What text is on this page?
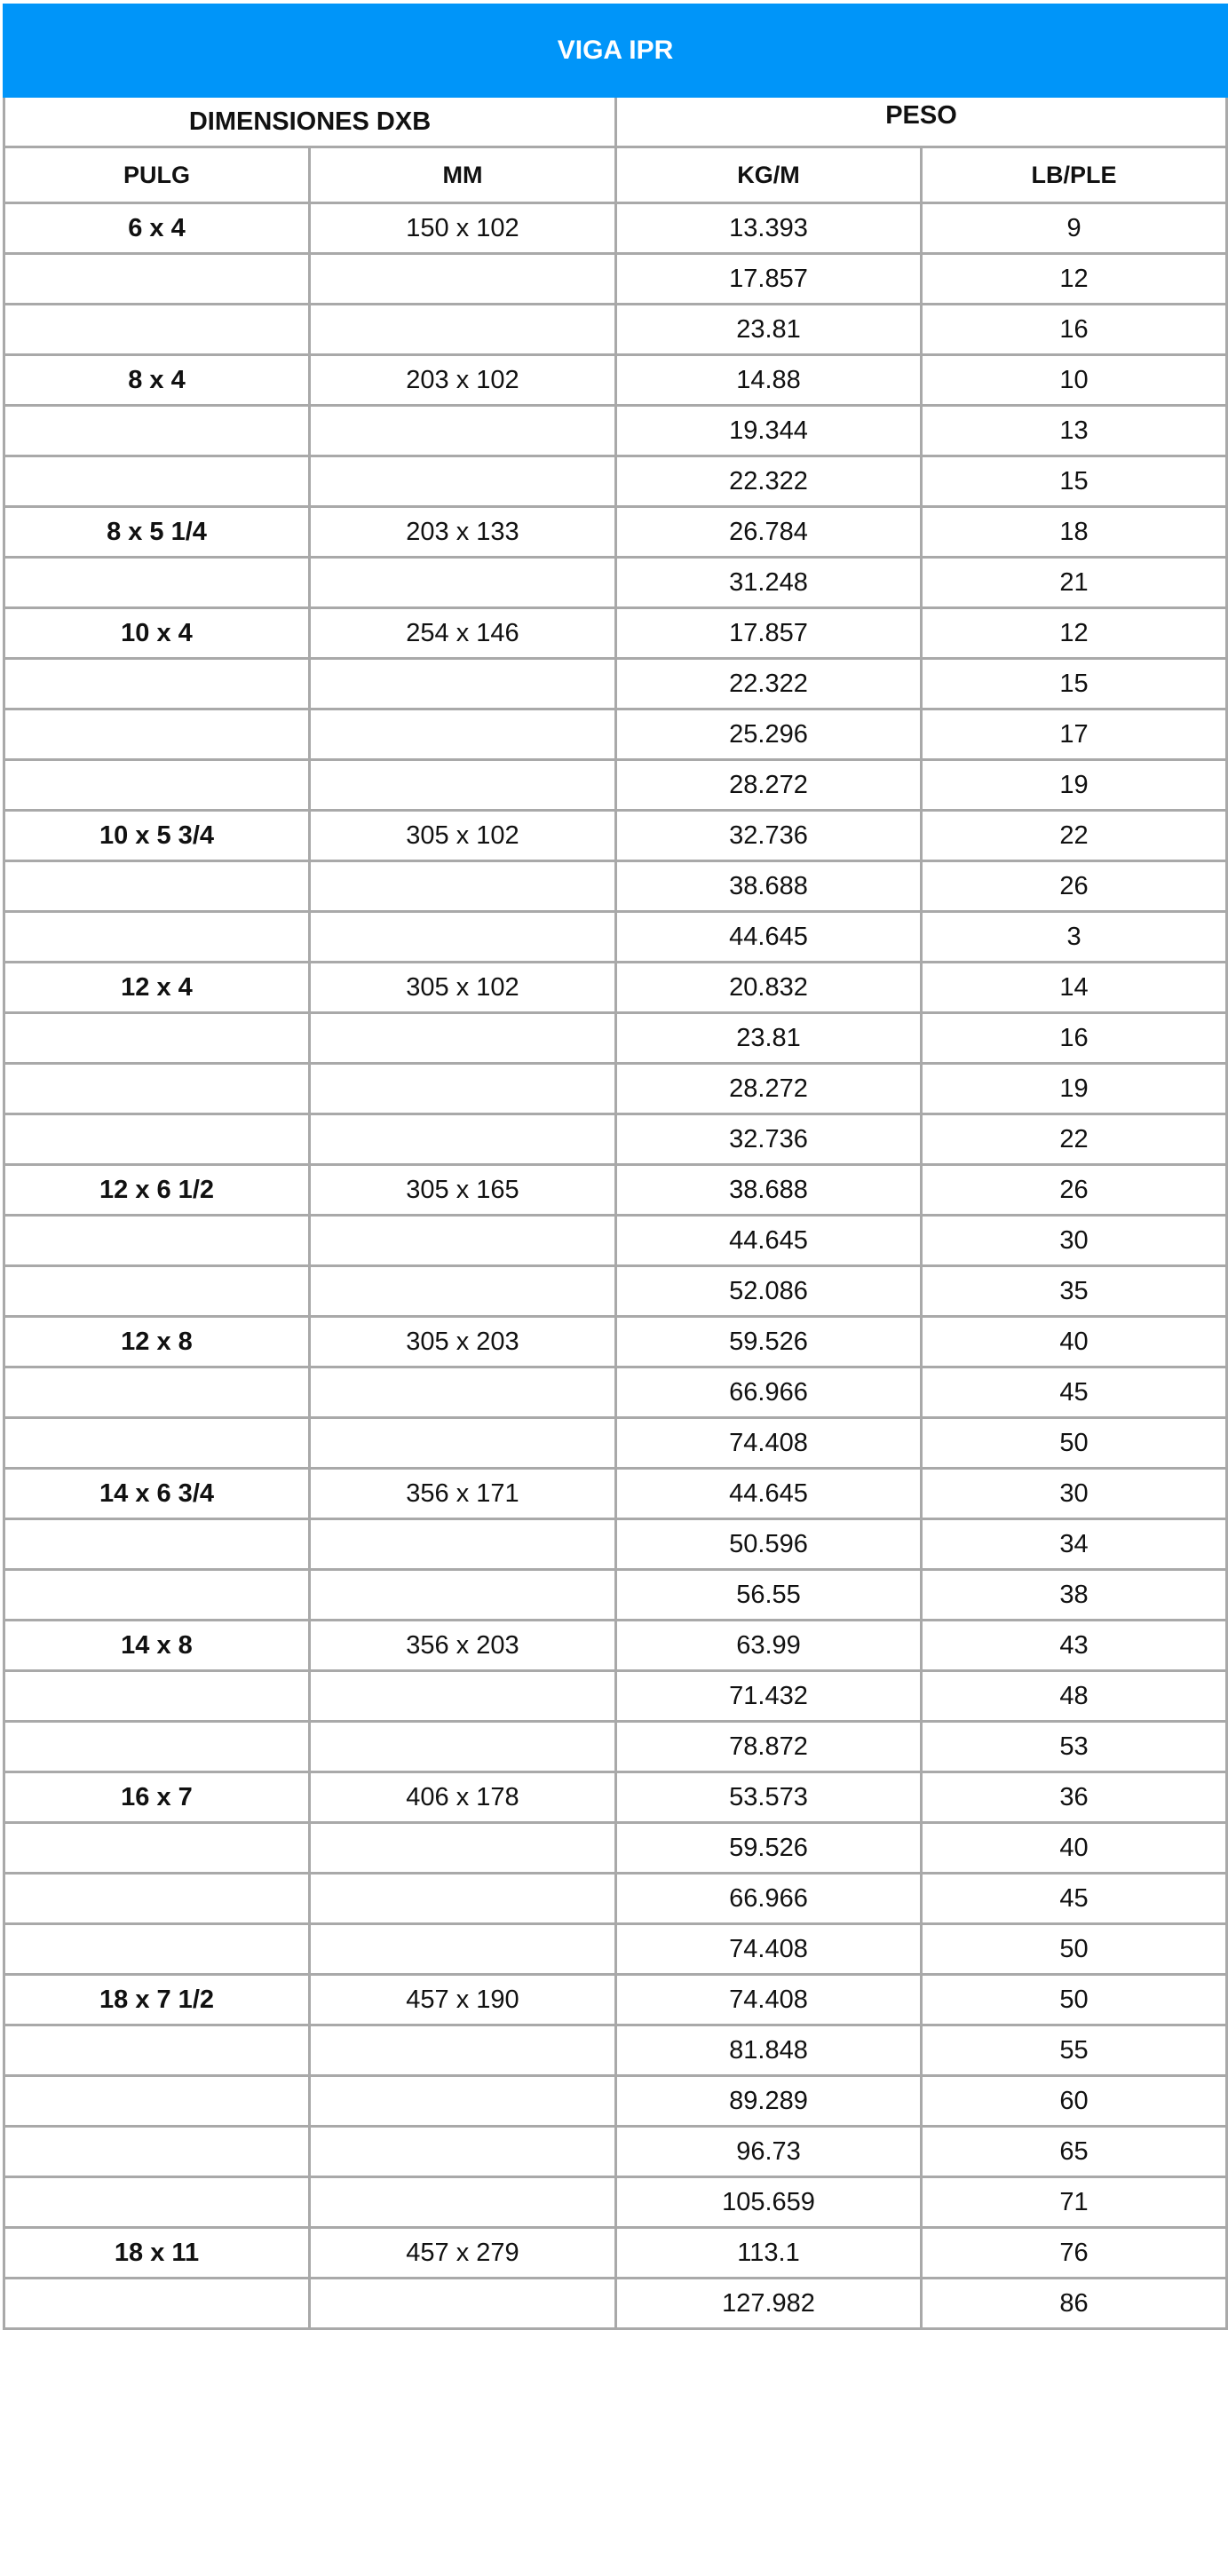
VIGA IPR			
DIMENSIONES DXB		PESO	
PULG	MM	KG/M	LB/PLE
6 x 4	150 x 102	13.393	9
		17.857	12
		23.81	16
8 x 4	203 x 102	14.88	10
		19.344	13
		22.322	15
8 x 5 1/4	203 x 133	26.784	18
		31.248	21
10 x 4	254 x 146	17.857	12
		22.322	15
		25.296	17
		28.272	19
10 x 5 3/4	305 x 102	32.736	22
		38.688	26
		44.645	3
12 x 4	305 x 102	20.832	14
		23.81	16
		28.272	19
		32.736	22
12 x 6 1/2	305 x 165	38.688	26
		44.645	30
		52.086	35
12 x 8	305 x 203	59.526	40
		66.966	45
		74.408	50
14 x 6 3/4	356 x 171	44.645	30
		50.596	34
		56.55	38
14 x 8	356 x 203	63.99	43
		71.432	48
		78.872	53
16 x 7	406 x 178	53.573	36
		59.526	40
		66.966	45
		74.408	50
18 x 7 1/2	457 x 190	74.408	50
		81.848	55
		89.289	60
		96.73	65
		105.659	71
18 x 11	457 x 279	113.1	76
		127.982	86
